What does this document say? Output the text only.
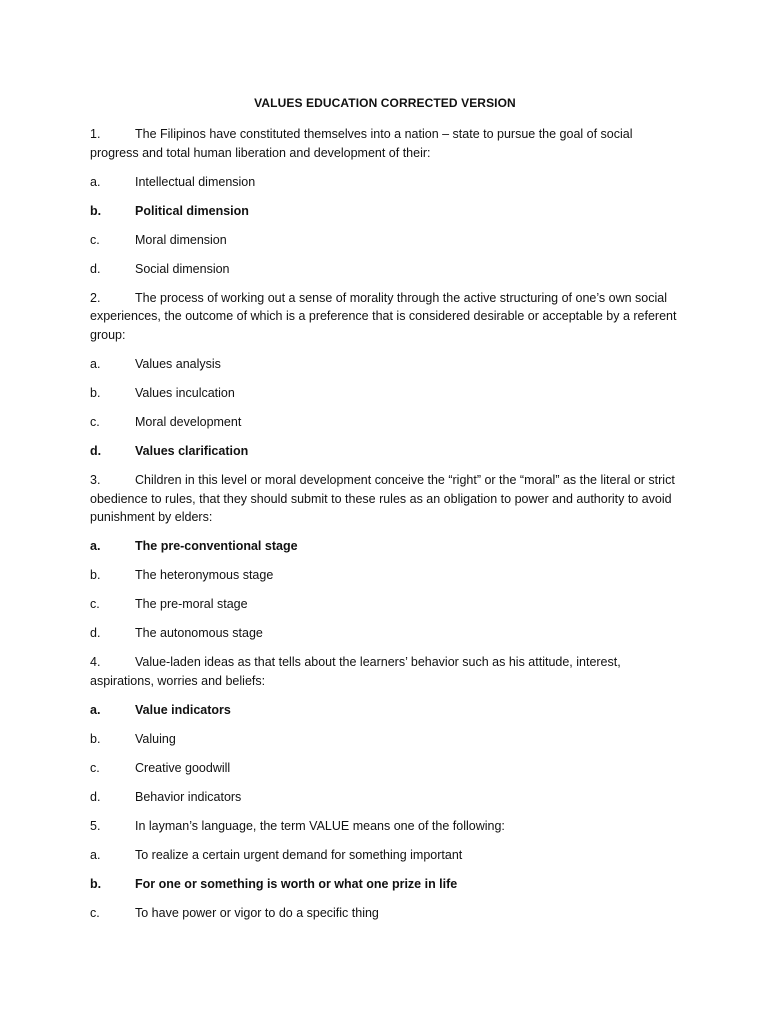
VALUES EDUCATION CORRECTED VERSION
1.	The Filipinos have constituted themselves into a nation – state to pursue the goal of social progress and total human liberation and development of their:
a.	Intellectual dimension
b.	Political dimension
c.	Moral dimension
d.	Social dimension
2.	The process of working out a sense of morality through the active structuring of one’s own social experiences, the outcome of which is a preference that is considered desirable or acceptable by a referent group:
a.	Values analysis
b.	Values inculcation
c.	Moral development
d.	Values clarification
3.	Children in this level or moral development conceive the “right” or the “moral” as the literal or strict obedience to rules, that they should submit to these rules as an obligation to power and authority to avoid punishment by elders:
a.	The pre-conventional stage
b.	The heteronymous stage
c.	The pre-moral stage
d.	The autonomous stage
4.	Value-laden ideas as that tells about the learners’ behavior such as his attitude, interest, aspirations, worries and beliefs:
a.	Value indicators
b.	Valuing
c.	Creative goodwill
d.	Behavior indicators
5.	In layman’s language, the term VALUE means one of the following:
a.	To realize a certain urgent demand for something important
b.	For one or something is worth or what one prize in life
c.	To have power or vigor to do a specific thing
